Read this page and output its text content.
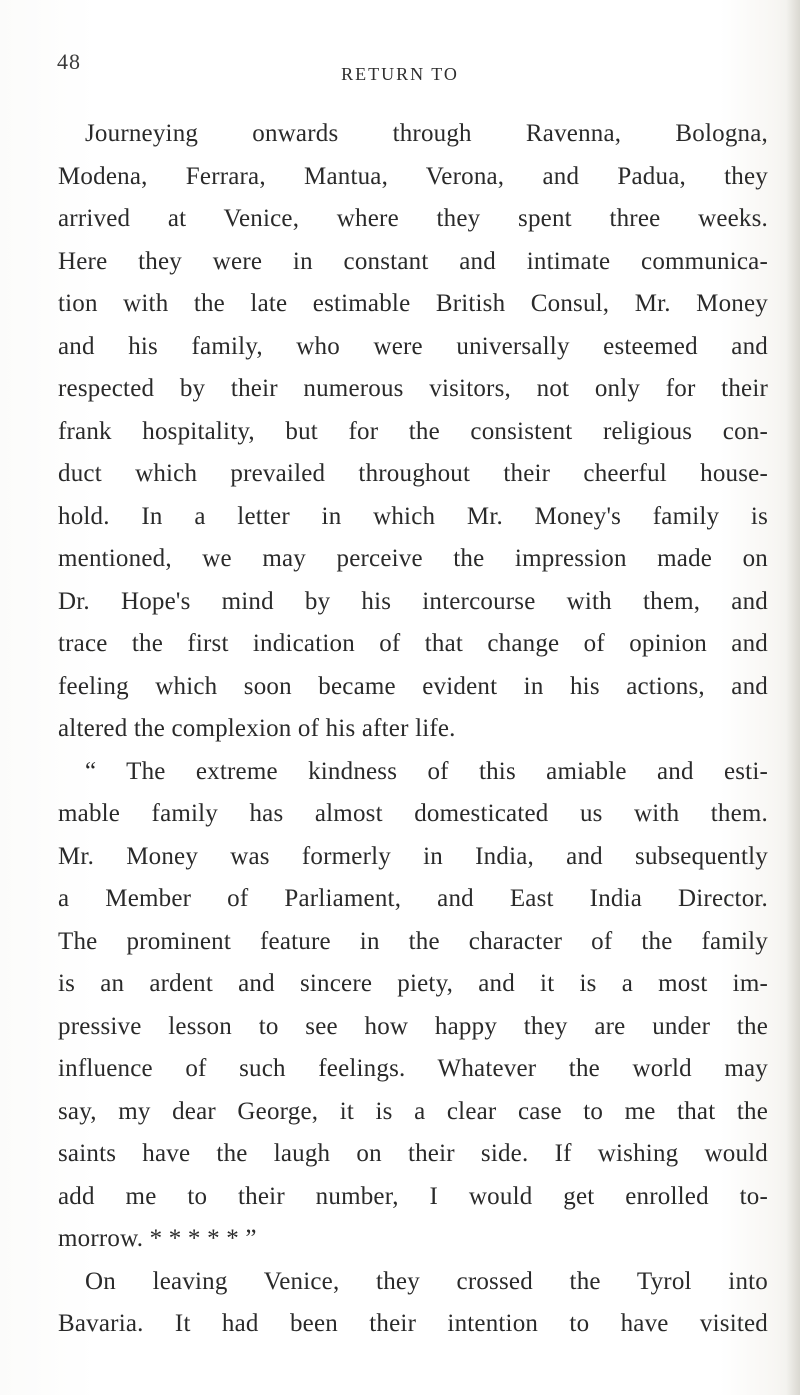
48	RETURN TO
Journeying onwards through Ravenna, Bologna,
Modena, Ferrara, Mantua, Verona, and Padua, they
arrived at Venice, where they spent three weeks.
Here they were in constant and intimate communica-
tion with the late estimable British Consul, Mr. Money
and his family, who were universally esteemed and
respected by their numerous visitors, not only for their
frank hospitality, but for the consistent religious con-
duct which prevailed throughout their cheerful house-
hold. In a letter in which Mr. Money's family is
mentioned, we may perceive the impression made on
Dr. Hope's mind by his intercourse with them, and
trace the first indication of that change of opinion and
feeling which soon became evident in his actions, and
altered the complexion of his after life.
“ The extreme kindness of this amiable and esti-
mable family has almost domesticated us with them.
Mr. Money was formerly in India, and subsequently
a Member of Parliament, and East India Director.
The prominent feature in the character of the family
is an ardent and sincere piety, and it is a most im-
pressive lesson to see how happy they are under the
influence of such feelings. Whatever the world may
say, my dear George, it is a clear case to me that the
saints have the laugh on their side. If wishing would
add me to their number, I would get enrolled to-
morrow. * * * * * ”
On leaving Venice, they crossed the Tyrol into
Bavaria. It had been their intention to have visited
